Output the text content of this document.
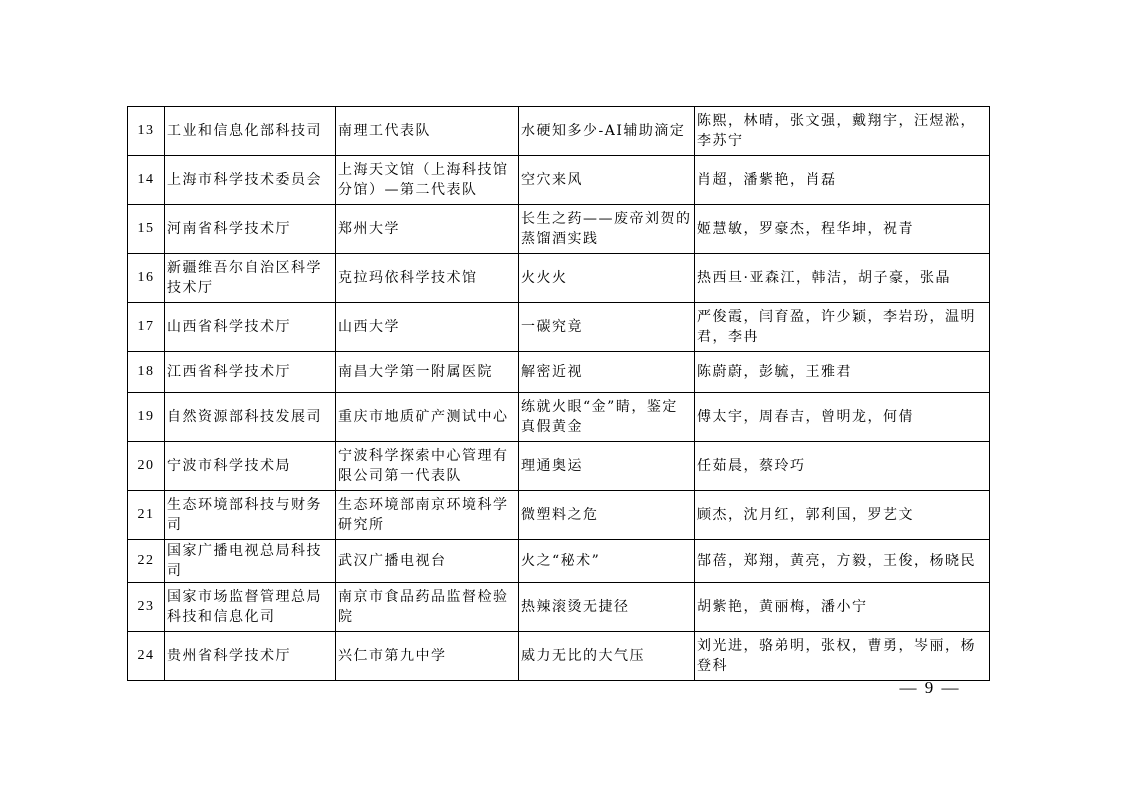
13	工业和信息化部科技司	南理工代表队	水硬知多少-AI辅助滴定	陈熙，林晴，张文强，戴翔宇，汪煜淞，李苏宁
14	上海市科学技术委员会	上海天文馆（上海科技馆分馆）—第二代表队	空穴来风	肖超，潘紫艳，肖磊
15	河南省科学技术厅	郑州大学	长生之药——废帝刘贺的蒸馏酒实践	姬慧敏，罗豪杰，程华坤，祝青
16	新疆维吾尔自治区科学技术厅	克拉玛依科学技术馆	火火火	热西旦·亚森江，韩洁，胡子豪，张晶
17	山西省科学技术厅	山西大学	一碳究竟	严俊霞，闫育盈，许少颖，李岩玢，温明君，李冉
18	江西省科学技术厅	南昌大学第一附属医院	解密近视	陈蔚蔚，彭毓，王雅君
19	自然资源部科技发展司	重庆市地质矿产测试中心	练就火眼“金”睛，鉴定真假黄金	傅太宇，周春吉，曾明龙，何倩
20	宁波市科学技术局	宁波科学探索中心管理有限公司第一代表队	理通奥运	任茹晨，蔡玲巧
21	生态环境部科技与财务司	生态环境部南京环境科学研究所	微塑料之危	顾杰，沈月红，郭利国，罗艺文
22	国家广播电视总局科技司	武汉广播电视台	火之“秘术”	郜蓓，郑翔，黄亮，方毅，王俊，杨晓民
23	国家市场监督管理总局科技和信息化司	南京市食品药品监督检验院	热辣滚烫无捷径	胡紫艳，黄丽梅，潘小宁
24	贵州省科学技术厅	兴仁市第九中学	威力无比的大气压	刘光进，骆弟明，张权，曹勇，岑丽，杨登科
— 9 —
